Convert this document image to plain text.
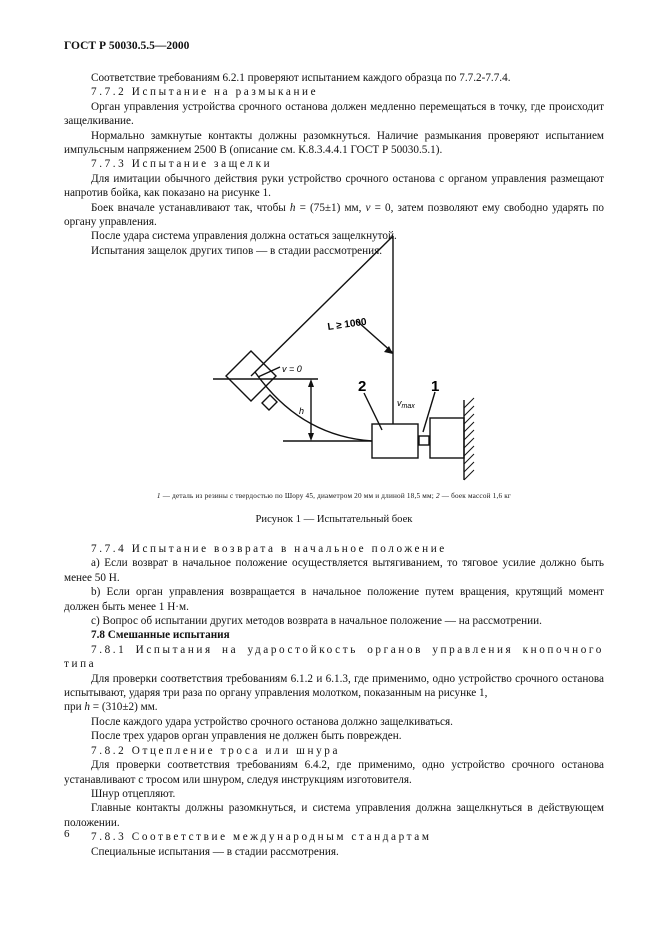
ГОСТ Р 50030.5.5—2000

Соответствие требованиям 6.2.1 проверяют испытанием каждого образца по 7.7.2-7.7.4.

7.7.2 Испытание на размыкание

Орган управления устройства срочного останова должен медленно перемещаться в точку, где происходит защелкивание.

Нормально замкнутые контакты должны разомкнуться. Наличие размыкания проверяют испытанием импульсным напряжением 2500 В (описание см. К.8.3.4.4.1 ГОСТ Р 50030.5.1).

7.7.3 Испытание защелки

Для имитации обычного действия руки устройство срочного останова с органом управления размещают напротив бойка, как показано на рисунке 1.

Боек вначале устанавливают так, чтобы h = (75±1) мм, v = 0, затем позволяют ему свободно ударять по органу управления.

После удара система управления должна остаться защелкнутой.

Испытания защелок других типов — в стадии рассмотрения.

L ≥ 1000
v = 0
h
$v_{max}$
2	1
1 — деталь из резины с твердостью по Шору 45, диаметром 20 мм и длиной 18,5 мм; 2 — боек массой 1,6 кг
Рисунок 1 — Испытательный боек

7.7.4 Испытание возврата в начальное положение

а) Если возврат в начальное положение осуществляется вытягиванием, то тяговое усилие должно быть менее 50 Н.

b) Если орган управления возвращается в начальное положение путем вращения, крутящий момент должен быть менее 1 Н·м.

с) Вопрос об испытании других методов возврата в начальное положение — на рассмотрении.

7.8 Смешанные испытания

7.8.1 Испытания на ударостойкость органов управления кнопочного типа

Для проверки соответствия требованиям 6.1.2 и 6.1.3, где применимо, одно устройство срочного останова испытывают, ударяя три раза по органу управления молотком, показанным на рисунке 1,

при h = (310±2) мм.

После каждого удара устройство срочного останова должно защелкиваться.

После трех ударов орган управления не должен быть поврежден.

7.8.2 Отцепление троса или шнура

Для проверки соответствия требованиям 6.4.2, где применимо, одно устройство срочного останова устанавливают с тросом или шнуром, следуя инструкциям изготовителя.

Шнур отцепляют.

Главные контакты должны разомкнуться, и система управления должна защелкнуться в действующем положении.

7.8.3 Соответствие международным стандартам

Специальные испытания — в стадии рассмотрения.

6
